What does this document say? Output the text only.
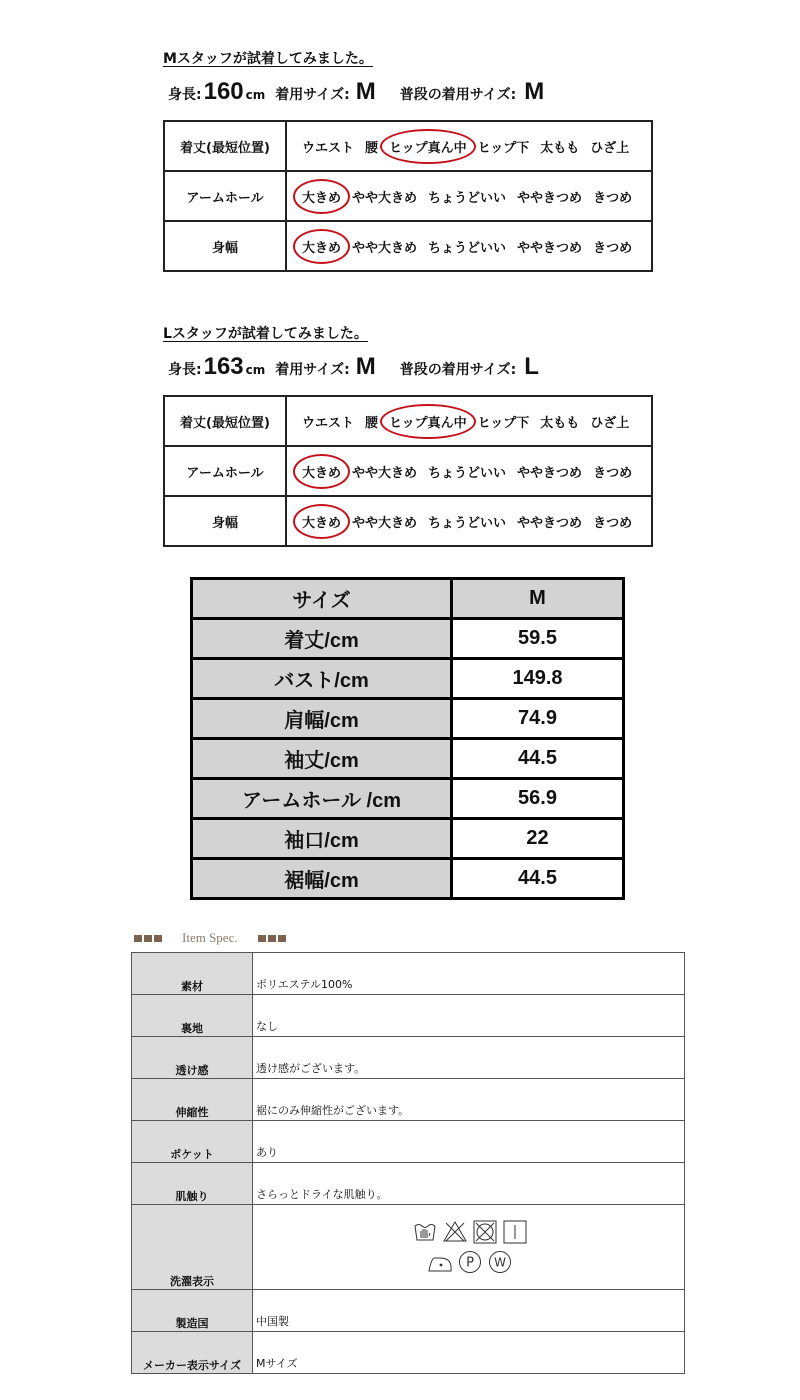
Mスタッフが試着してみました。
身長: 160 cm 着用サイズ: M 普段の着用サイズ: M
着丈(最短位置)	ウエスト 腰 ヒップ真ん中 ヒップ下 太もも ひざ上
アームホール	大きめ やや大きめ ちょうどいい ややきつめ きつめ
身幅	大きめ やや大きめ ちょうどいい ややきつめ きつめ
Lスタッフが試着してみました。
身長: 163 cm 着用サイズ: M 普段の着用サイズ: L
着丈(最短位置)	ウエスト 腰 ヒップ真ん中 ヒップ下 太もも ひざ上
アームホール	大きめ やや大きめ ちょうどいい ややきつめ きつめ
身幅	大きめ やや大きめ ちょうどいい ややきつめ きつめ
サイズ	M
着丈/cm	59.5
バスト/cm	149.8
肩幅/cm	74.9
袖丈/cm	44.5
アームホール /cm	56.9
袖口/cm	22
裾幅/cm	44.5
Item Spec.
素材	ポリエステル100%
裏地	なし
透け感	透け感がございます。
伸縮性	裾にのみ伸縮性がございます。
ポケット	あり
肌触り	さらっとドライな肌触り。
洗濯表示	P W

製造国	中国製
メーカー表示サイズ	Mサイズ
